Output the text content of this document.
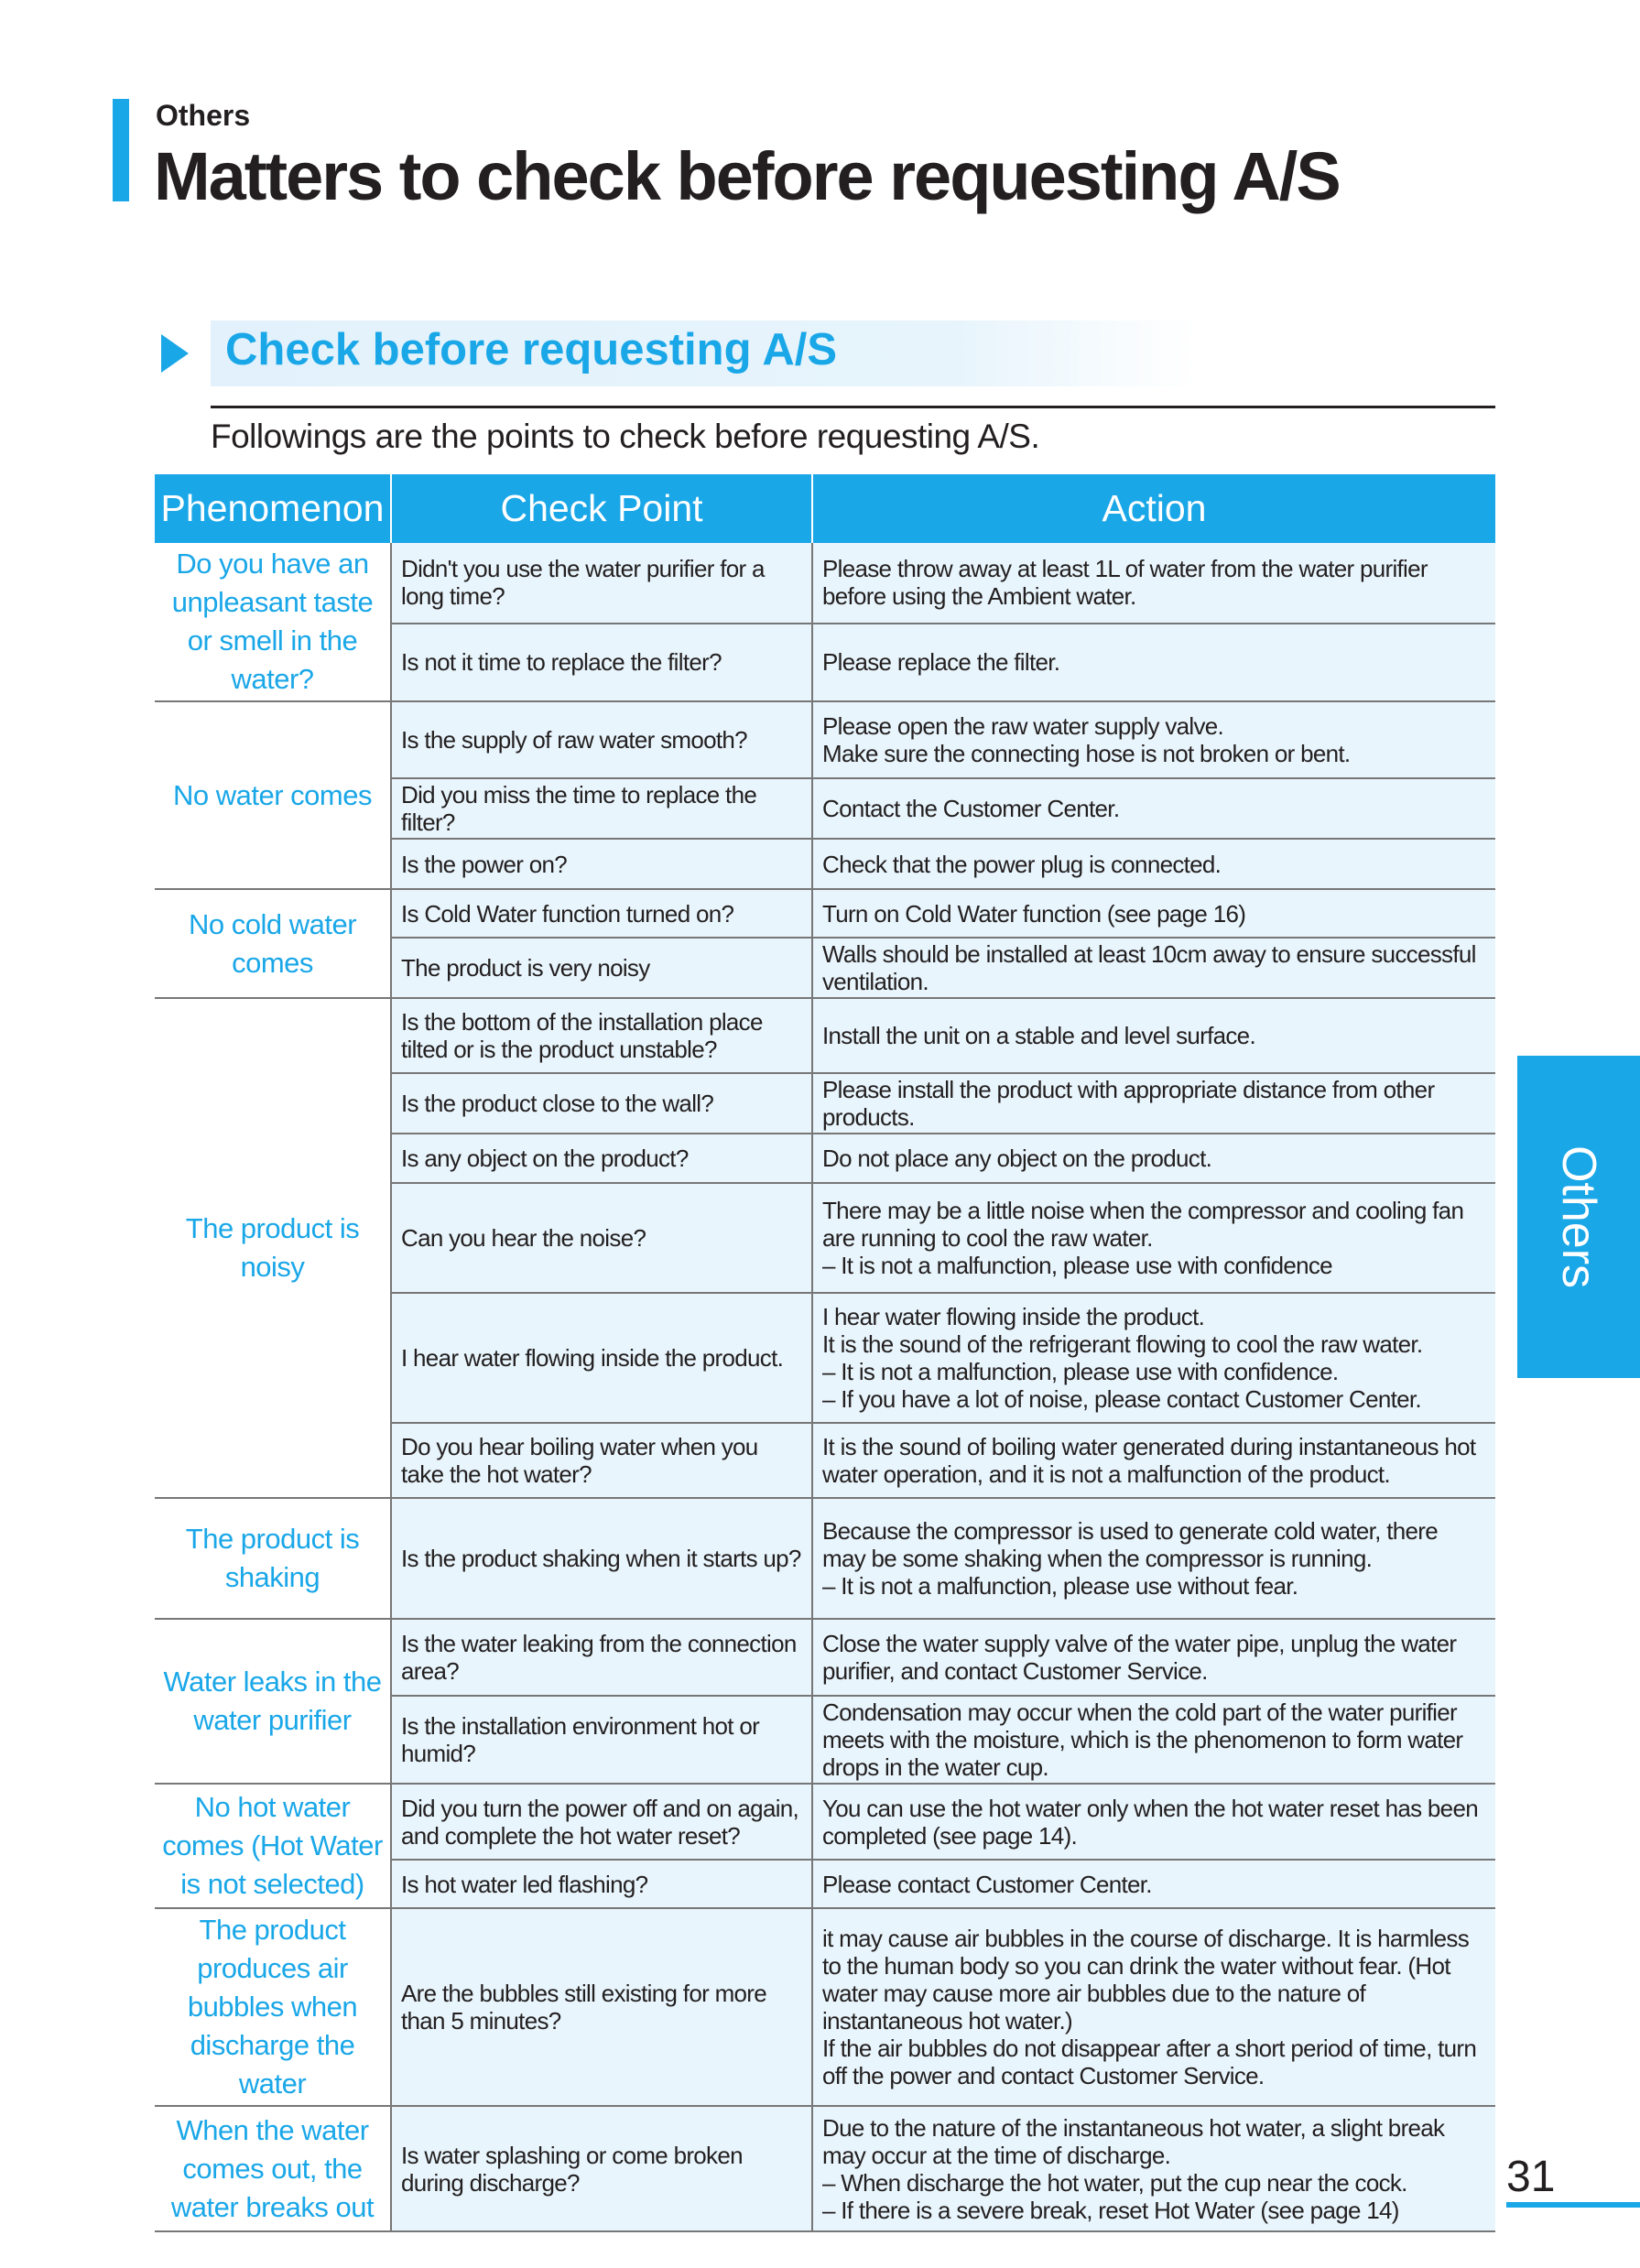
Others
Matters to check before requesting A/S
Check before requesting A/S
Followings are the points to check before requesting A/S.
Phenomenon	Check Point	Action
Do you have an unpleasant taste or smell in the water?	Didn't you use the water purifier for a long time?	Please throw away at least 1L of water from the water purifier before using the Ambient water.

	Is not it time to replace the filter?	Please replace the filter.

No water comes	Is the supply of raw water smooth?	Please open the raw water supply valve.
Make sure the connecting hose is not broken or bent.

	Did you miss the time to replace the filter?	Contact the Customer Center.

	Is the power on?	Check that the power plug is connected.

No cold water comes	Is Cold Water function turned on?	Turn on Cold Water function (see page 16)

	The product is very noisy	Walls should be installed at least 10cm away to ensure successful ventilation.

The product is noisy	Is the bottom of the installation place tilted or is the product unstable?	Install the unit on a stable and level surface.

	Is the product close to the wall?	Please install the product with appropriate distance from other products.

	Is any object on the product?	Do not place any object on the product.

	Can you hear the noise?	There may be a little noise when the compressor and cooling fan are running to cool the raw water.
– It is not a malfunction, please use with confidence

	I hear water flowing inside the product.	I hear water flowing inside the product.
It is the sound of the refrigerant flowing to cool the raw water.
– It is not a malfunction, please use with confidence.
– If you have a lot of noise, please contact Customer Center.

	Do you hear boiling water when you take the hot water?	It is the sound of boiling water generated during instantaneous hot water operation, and it is not a malfunction of the product.

The product is shaking	Is the product shaking when it starts up?	Because the compressor is used to generate cold water, there may be some shaking when the compressor is running.
– It is not a malfunction, please use without fear.

Water leaks in the water purifier	Is the water leaking from the connection area?	Close the water supply valve of the water pipe, unplug the water purifier, and contact Customer Service.

	Is the installation environment hot or humid?	Condensation may occur when the cold part of the water purifier meets with the moisture, which is the phenomenon to form water drops in the water cup.

No hot water comes (Hot Water is not selected)	Did you turn the power off and on again, and complete the hot water reset?	You can use the hot water only when the hot water reset has been completed (see page 14).

	Is hot water led flashing?	Please contact Customer Center.

The product produces air bubbles when discharge the water	Are the bubbles still existing for more than 5 minutes?	it may cause air bubbles in the course of discharge. It is harmless to the human body so you can drink the water without fear. (Hot water may cause more air bubbles due to the nature of instantaneous hot water.)
If the air bubbles do not disappear after a short period of time, turn off the power and contact Customer Service.

When the water comes out, the water breaks out	Is water splashing or come broken during discharge?	Due to the nature of the instantaneous hot water, a slight break may occur at the time of discharge.
– When discharge the hot water, put the cup near the cock.
– If there is a severe break, reset Hot Water (see page 14)
Others
31
